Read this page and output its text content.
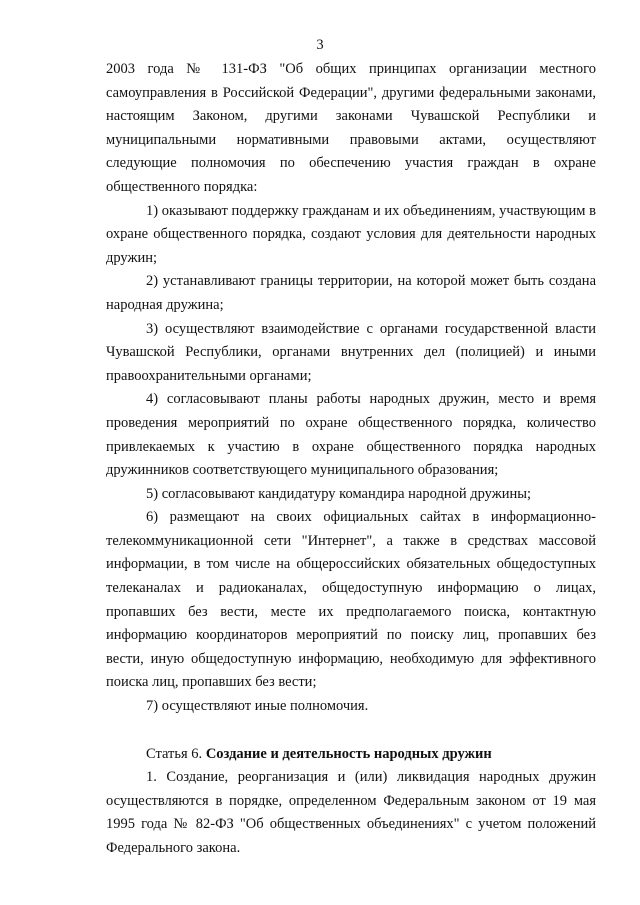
3

2003 года № 131-ФЗ "Об общих принципах организации местного самоуправления в Российской Федерации", другими федеральными законами, настоящим Законом, другими законами Чувашской Республики и муниципальными нормативными правовыми актами, осуществляют следующие полномочия по обеспечению участия граждан в охране общественного порядка:

1) оказывают поддержку гражданам и их объединениям, участвующим в охране общественного порядка, создают условия для деятельности народных дружин;

2) устанавливают границы территории, на которой может быть создана народная дружина;

3) осуществляют взаимодействие с органами государственной власти Чувашской Республики, органами внутренних дел (полицией) и иными правоохранительными органами;

4) согласовывают планы работы народных дружин, место и время проведения мероприятий по охране общественного порядка, количество привлекаемых к участию в охране общественного порядка народных дружинников соответствующего муниципального образования;

5) согласовывают кандидатуру командира народной дружины;

6) размещают на своих официальных сайтах в информационно-телекоммуникационной сети "Интернет", а также в средствах массовой информации, в том числе на общероссийских обязательных общедоступных телеканалах и радиоканалах, общедоступную информацию о лицах, пропавших без вести, месте их предполагаемого поиска, контактную информацию координаторов мероприятий по поиску лиц, пропавших без вести, иную общедоступную информацию, необходимую для эффективного поиска лиц, пропавших без вести;

7) осуществляют иные полномочия.

Статья 6. Создание и деятельность народных дружин

1. Создание, реорганизация и (или) ликвидация народных дружин осуществляются в порядке, определенном Федеральным законом от 19 мая 1995 года № 82-ФЗ "Об общественных объединениях" с учетом положений Федерального закона.
